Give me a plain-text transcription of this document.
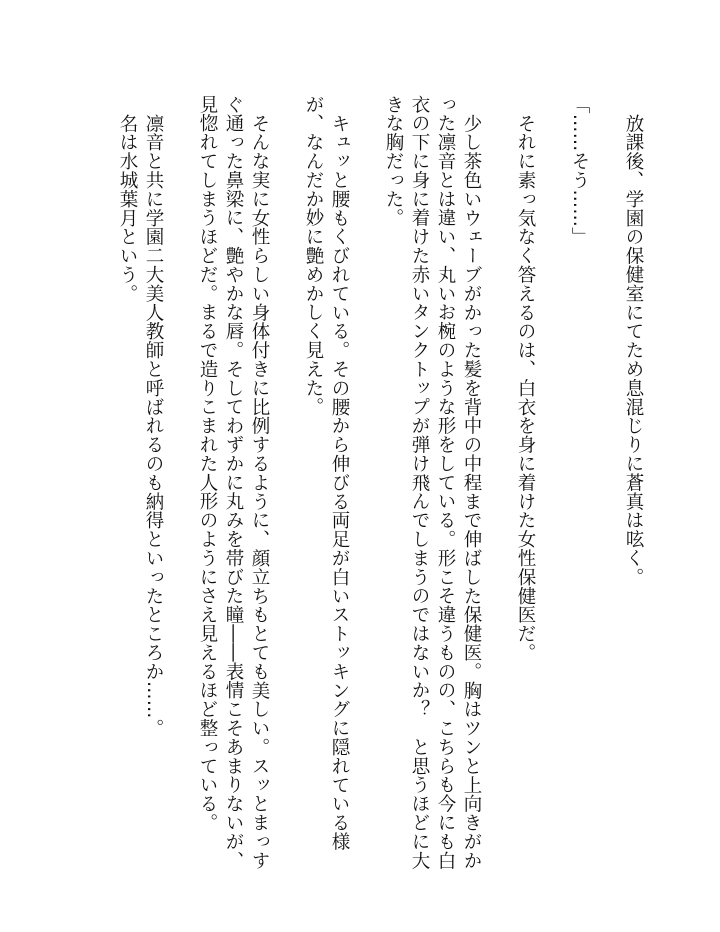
放課後、学園の保健室にてため息混じりに蒼真は呟く。

「……そう……」

それに素っ気なく答えるのは、白衣を身に着けた女性保健医だ。

少し茶色いウェーブがかった髪を背中の中程まで伸ばした保健医。胸はツンと上向きがかった凛音とは違い、丸いお椀のような形をしている。形こそ違うものの、こちらも今にも白衣の下に身に着けた赤いタンクトップが弾け飛んでしまうのではないか？　と思うほどに大きな胸だった。

キュッと腰もくびれている。その腰から伸びる両足が白いストッキングに隠れている様が、なんだか妙に艶めかしく見えた。

そんな実に女性らしい身体付きに比例するように、顔立ちもとても美しい。スッとまっすぐ通った鼻梁に、艶やかな唇。そしてわずかに丸みを帯びた瞳――表情こそあまりないが、見惚れてしまうほどだ。まるで造りこまれた人形のようにさえ見えるほど整っている。

凛音と共に学園二大美人教師と呼ばれるのも納得といったところか……。

名は水城葉月という。
